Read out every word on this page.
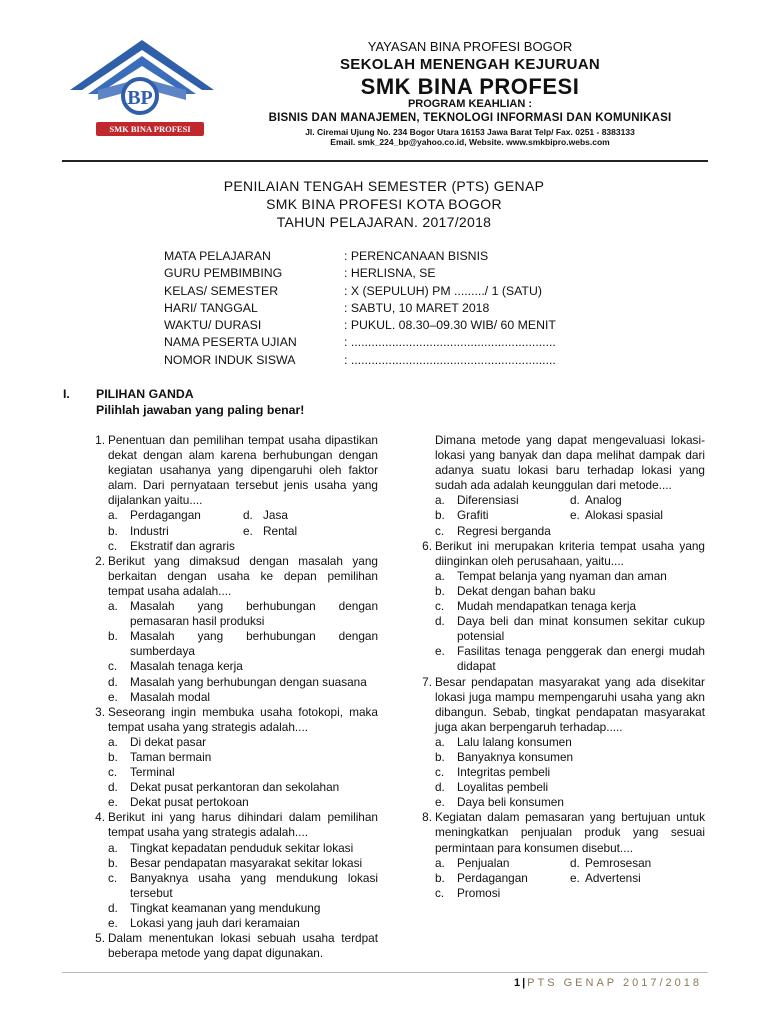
BP
SMK BINA PROFESI
YAYASAN BINA PROFESI BOGOR
SEKOLAH MENENGAH KEJURUAN
SMK BINA PROFESI
PROGRAM KEAHLIAN :
BISNIS DAN MANAJEMEN, TEKNOLOGI INFORMASI DAN KOMUNIKASI
Jl. Ciremai Ujung No. 234 Bogor Utara 16153 Jawa Barat Telp/ Fax. 0251 - 8383133
Email. smk_224_bp@yahoo.co.id, Website. www.smkbipro.webs.com
PENILAIAN TENGAH SEMESTER (PTS) GENAP
SMK BINA PROFESI KOTA BOGOR
TAHUN PELAJARAN. 2017/2018
MATA PELAJARAN	: PERENCANAAN BISNIS
GURU PEMBIMBING	: HERLISNA, SE
KELAS/ SEMESTER	: X (SEPULUH) PM ........./ 1 (SATU)
HARI/ TANGGAL	: SABTU, 10 MARET 2018
WAKTU/ DURASI	: PUKUL. 08.30–09.30 WIB/ 60 MENIT
NAMA PESERTA UJIAN	: ............................................................
NOMOR INDUK SISWA	: ............................................................
I. PILIHAN GANDA
Pilihlah jawaban yang paling benar!
1. Penentuan dan pemilihan tempat usaha dipastikan dekat dengan alam karena berhubungan dengan kegiatan usahanya yang dipengaruhi oleh faktor alam. Dari pernyataan tersebut jenis usaha yang dijalankan yaitu....
a. Perdagangan	d. Jasa
b. Industri	e. Rental
c. Ekstratif dan agraris
2. Berikut yang dimaksud dengan masalah yang berkaitan dengan usaha ke depan pemilihan tempat usaha adalah....
a. Masalah yang berhubungan dengan pemasaran hasil produksi
b. Masalah yang berhubungan dengan sumberdaya
c. Masalah tenaga kerja
d. Masalah yang berhubungan dengan suasana
e. Masalah modal
3. Seseorang ingin membuka usaha fotokopi, maka tempat usaha yang strategis adalah....
a. Di dekat pasar
b. Taman bermain
c. Terminal
d. Dekat pusat perkantoran dan sekolahan
e. Dekat pusat pertokoan
4. Berikut ini yang harus dihindari dalam pemilihan tempat usaha yang strategis adalah....
a. Tingkat kepadatan penduduk sekitar lokasi
b. Besar pendapatan masyarakat sekitar lokasi
c. Banyaknya usaha yang mendukung lokasi tersebut
d. Tingkat keamanan yang mendukung
e. Lokasi yang jauh dari keramaian
5. Dalam menentukan lokasi sebuah usaha terdpat beberapa metode yang dapat digunakan.
Dimana metode yang dapat mengevaluasi lokasi-lokasi yang banyak dan dapa melihat dampak dari adanya suatu lokasi baru terhadap lokasi yang sudah ada adalah keunggulan dari metode....
a. Diferensiasi	d. Analog
b. Grafiti	e. Alokasi spasial
c. Regresi berganda
6. Berikut ini merupakan kriteria tempat usaha yang diinginkan oleh perusahaan, yaitu....
a. Tempat belanja yang nyaman dan aman
b. Dekat dengan bahan baku
c. Mudah mendapatkan tenaga kerja
d. Daya beli dan minat konsumen sekitar cukup potensial
e. Fasilitas tenaga penggerak dan energi mudah didapat
7. Besar pendapatan masyarakat yang ada disekitar lokasi juga mampu mempengaruhi usaha yang akn dibangun. Sebab, tingkat pendapatan masyarakat juga akan berpengaruh terhadap.....
a. Lalu lalang konsumen
b. Banyaknya konsumen
c. Integritas pembeli
d. Loyalitas pembeli
e. Daya beli konsumen
8. Kegiatan dalam pemasaran yang bertujuan untuk meningkatkan penjualan produk yang sesuai permintaan para konsumen disebut....
a. Penjualan	d. Pemrosesan
b. Perdagangan	e. Advertensi
c. Promosi
1 | PTS GENAP 2017/2018
